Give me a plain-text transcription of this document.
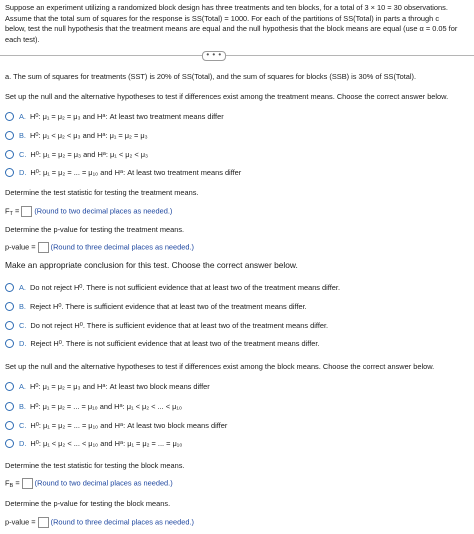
Suppose an experiment utilizing a randomized block design has three treatments and ten blocks, for a total of 3 × 10 = 30 observations.
Assume that the total sum of squares for the response is SS(Total) = 1000. For each of the partitions of SS(Total) in parts a through c
below, test the null hypothesis that the treatment means are equal and the null hypothesis that the block means are equal (use α = 0.05 for
each test).
• • •
a. The sum of squares for treatments (SST) is 20% of SS(Total), and the sum of squares for blocks (SSB) is 30% of SS(Total).
Set up the null and the alternative hypotheses to test if differences exist among the treatment means. Choose the correct answer below.
A. H 0 :
μ₁ = μ₂ = μ₃
and H a :
At least two treatment means differ
B. H 0 :
μ₁ < μ₂ < μ₃
and H a :
μ₁ = μ₂ = μ₃
C. H 0 :
μ₁ = μ₂ = μ₃
and H a :
μ₁ < μ₂ < μ₃
D. H 0 :
μ₁ = μ₂ = ... = μ₁₀
and H a :
At least two treatment means differ
Determine the test statistic for testing the treatment means.
$F_T$ = (Round to two decimal places as needed.)
Determine the p-value for testing the treatment means.
p-value = (Round to three decimal places as needed.)
Make an appropriate conclusion for this test. Choose the correct answer below.
A. Do not reject H 0 . There is not sufficient evidence that at least two of the treatment means differ.
B. Reject H 0 . There is sufficient evidence that at least two of the treatment means differ.
C. Do not reject H 0 . There is sufficient evidence that at least two of the treatment means differ.
D. Reject H 0 . There is not sufficient evidence that at least two of the treatment means differ.
Set up the null and the alternative hypotheses to test if differences exist among the block means. Choose the correct answer below.
A. H 0 :
μ₁ = μ₂ = μ₃
and H a :
At least two block means differ
B. H 0 :
μ₁ = μ₂ = ... = μ₁₀
and H a :
μ₁ < μ₂ < ... < μ₁₀
C. H 0 :
μ₁ = μ₂ = ... = μ₁₀
and H a :
At least two block means differ
D. H 0 :
μ₁ < μ₂ < ... < μ₁₀
and H a :
μ₁ = μ₂ = ... = μ₁₀
Determine the test statistic for testing the block means.
$F_B$ = (Round to two decimal places as needed.)
Determine the p-value for testing the block means.
p-value = (Round to three decimal places as needed.)
